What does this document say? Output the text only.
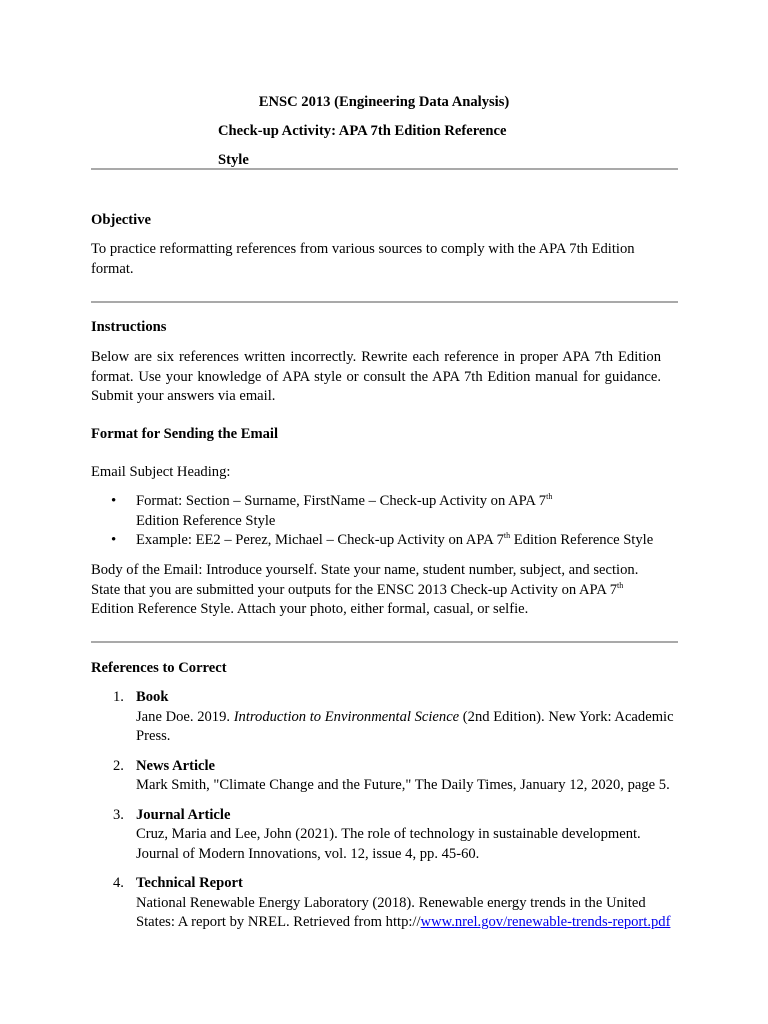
ENSC 2013 (Engineering Data Analysis)

Check-up Activity: APA 7th Edition Reference

Style

Objective

To practice reformatting references from various sources to comply with the APA 7th Edition format.

Instructions

Below are six references written incorrectly. Rewrite each reference in proper APA 7th Edition format. Use your knowledge of APA style or consult the APA 7th Edition manual for guidance. Submit your answers via email.

Format for Sending the Email

Email Subject Heading:

• Format: Section – Surname, FirstName – Check-up Activity on APA 7th
Edition Reference Style
• Example: EE2 – Perez, Michael – Check-up Activity on APA 7th Edition Reference Style

Body of the Email: Introduce yourself. State your name, student number, subject, and section. State that you are submitted your outputs for the ENSC 2013 Check-up Activity on APA 7th
Edition Reference Style. Attach your photo, either formal, casual, or selfie.

References to Correct

1. Book
Jane Doe. 2019. Introduction to Environmental Science (2nd Edition). New York: Academic Press.
2. News Article
Mark Smith, "Climate Change and the Future," The Daily Times, January 12, 2020, page 5.
3. Journal Article
Cruz, Maria and Lee, John (2021). The role of technology in sustainable development. Journal of Modern Innovations, vol. 12, issue 4, pp. 45-60.
4. Technical Report
National Renewable Energy Laboratory (2018). Renewable energy trends in the United States: A report by NREL. Retrieved from http://www.nrel.gov/renewable-trends-report.pdf
